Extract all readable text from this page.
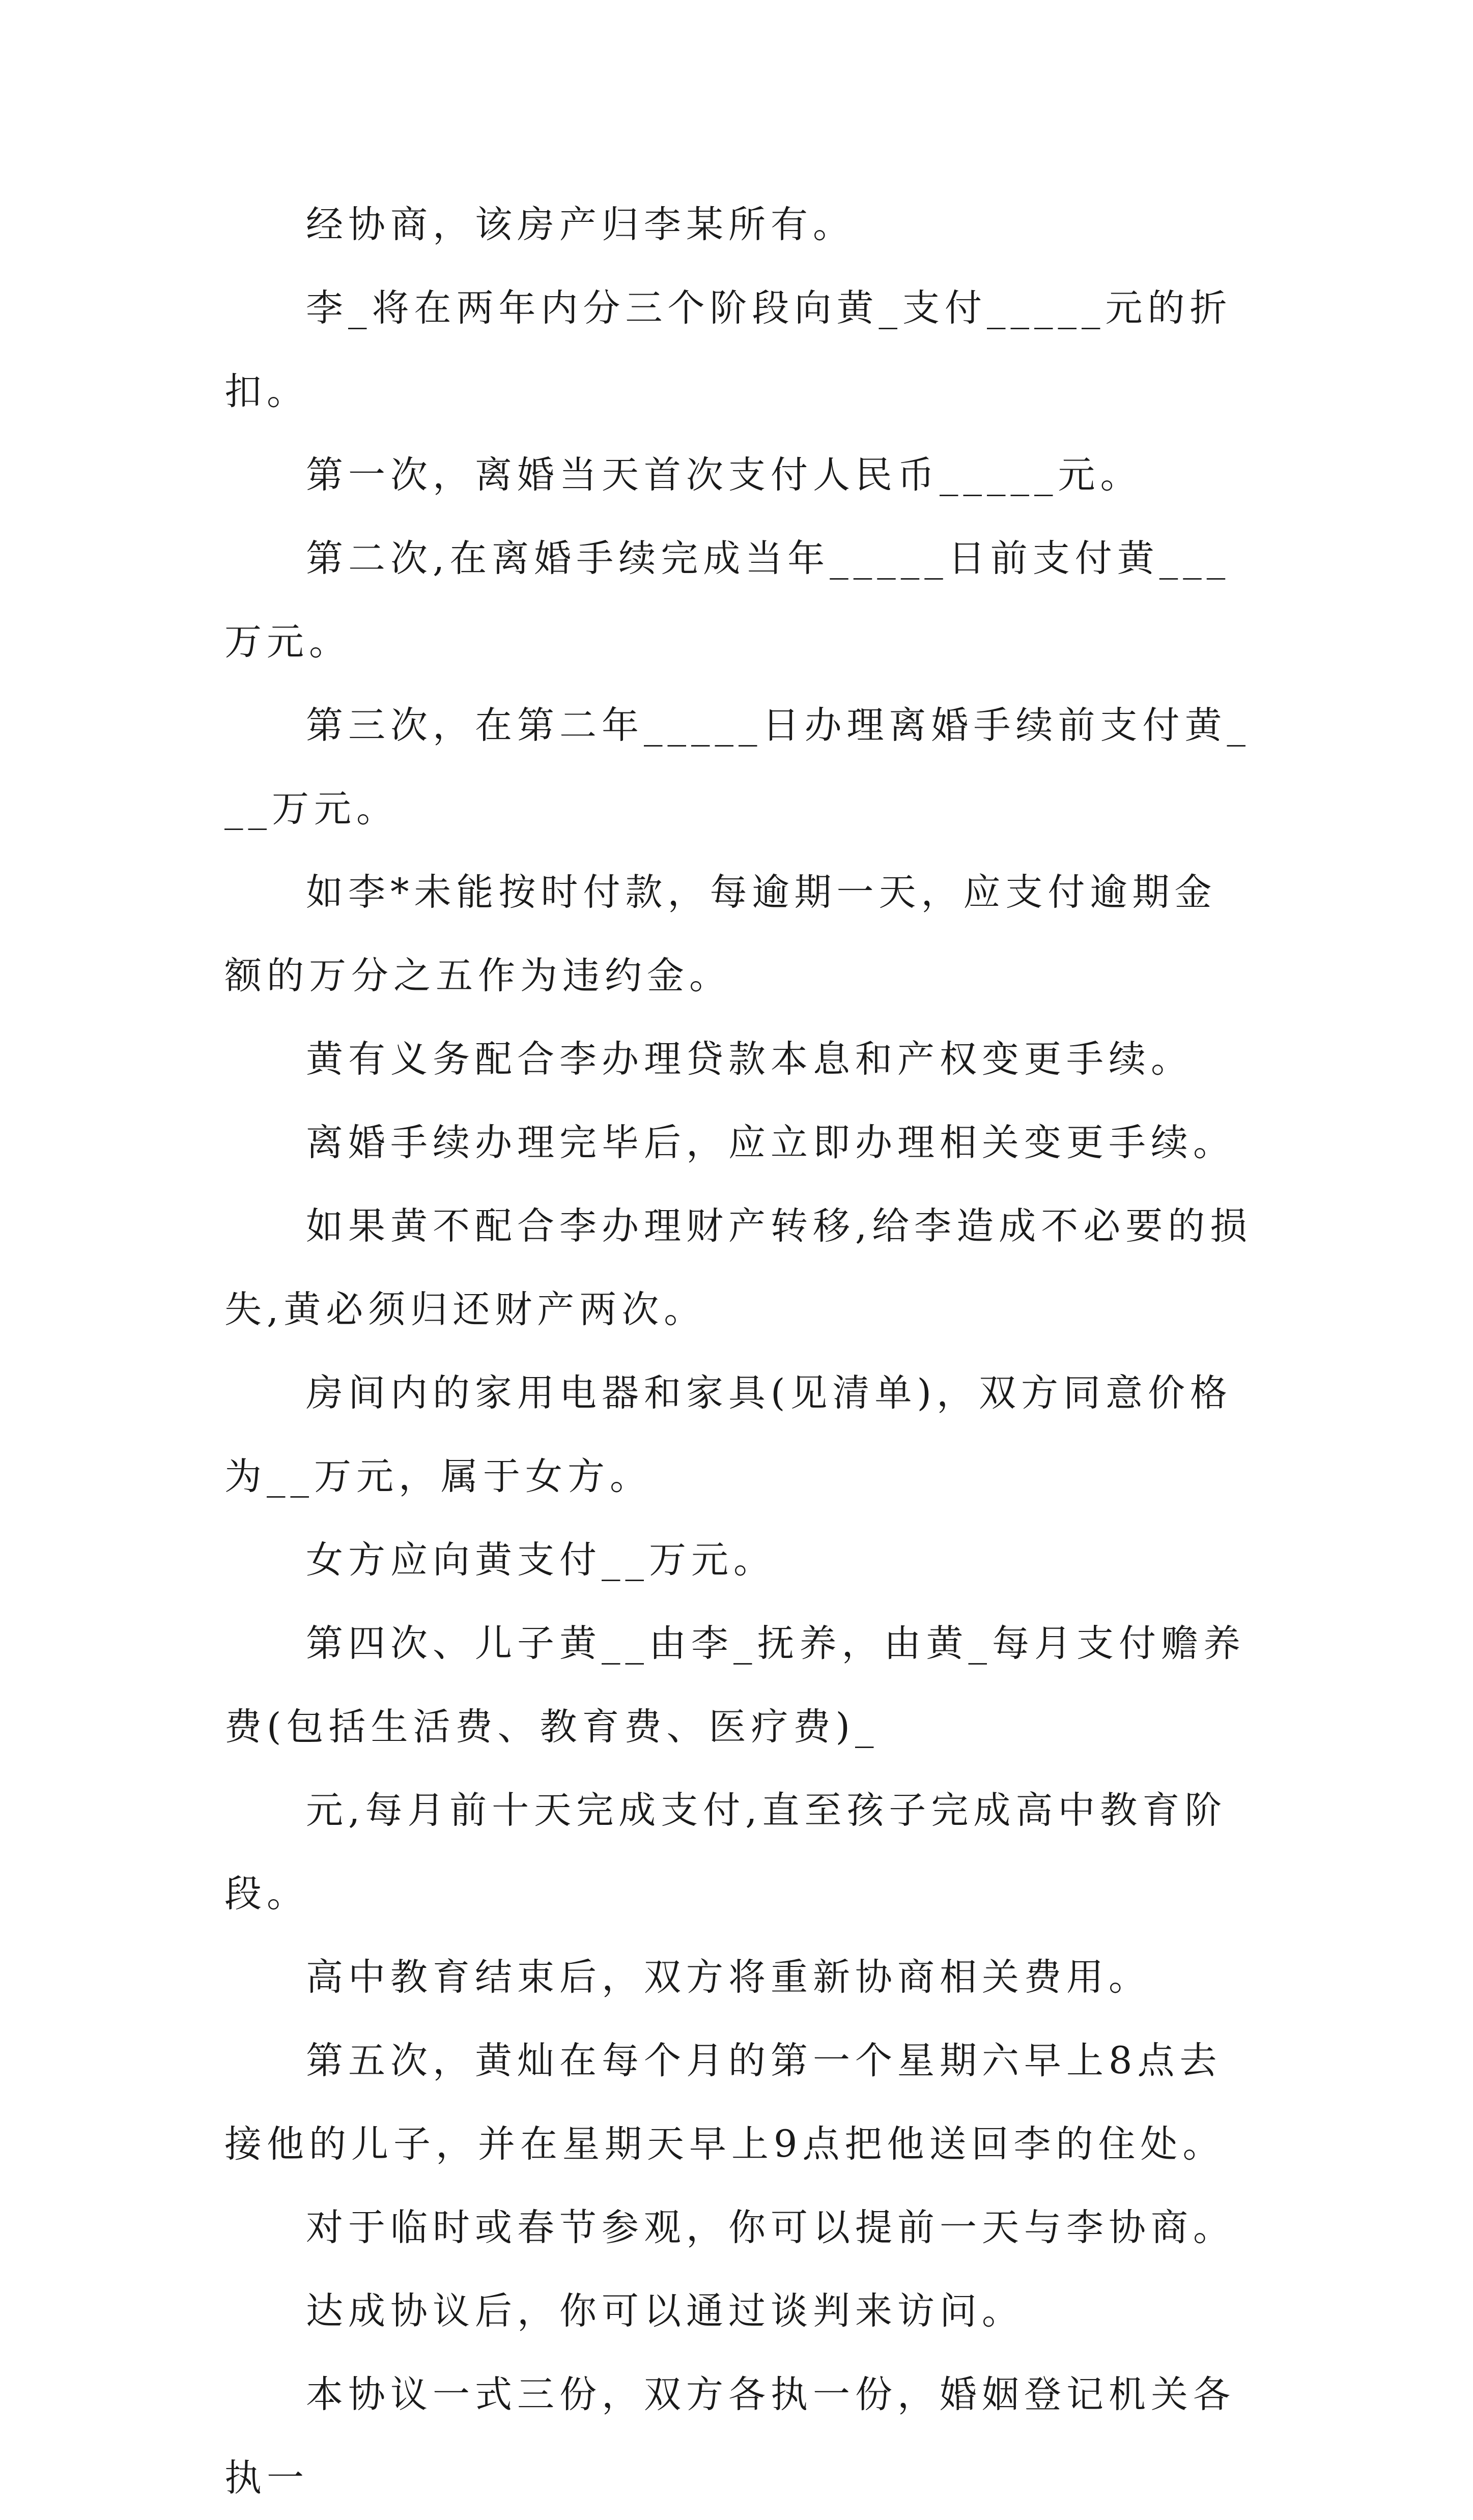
经协商，该房产归李某所有。

李_将在两年内分三个阶段向黄_支付_____元的折扣。

第一次，离婚当天首次支付人民币_____元。

第二次,在离婚手续完成当年_____日前支付黄___万元。

第三次，在第二年_____日办理离婚手续前支付黄___万元。

如李*未能按时付款，每逾期一天，应支付逾期金额的万分之五作为违约金。

黄有义务配合李办理贷款本息和产权变更手续。

离婚手续办理完毕后，应立即办理相关变更手续。

如果黄不配合李办理财产转移,给李造成不必要的损失,黄必须归还财产两次。

房间内的家用电器和家具(见清单)，双方同意价格为__万元，属于女方。

女方应向黄支付__万元。

第四次、儿子黄__由李_抚养，由黄_每月支付赡养费(包括生活费、教育费、医疗费)_

元,每月前十天完成支付,直至孩子完成高中教育阶段。

高中教育结束后，双方将重新协商相关费用。

第五次，黄灿在每个月的第一个星期六早上8点去接他的儿子，并在星期天早上9点把他送回李的住处。

对于临时或春节参观，你可以提前一天与李协商。

达成协议后，你可以通过谈判来访问。

本协议一式三份，双方各执一份，婚姻登记机关各执一
